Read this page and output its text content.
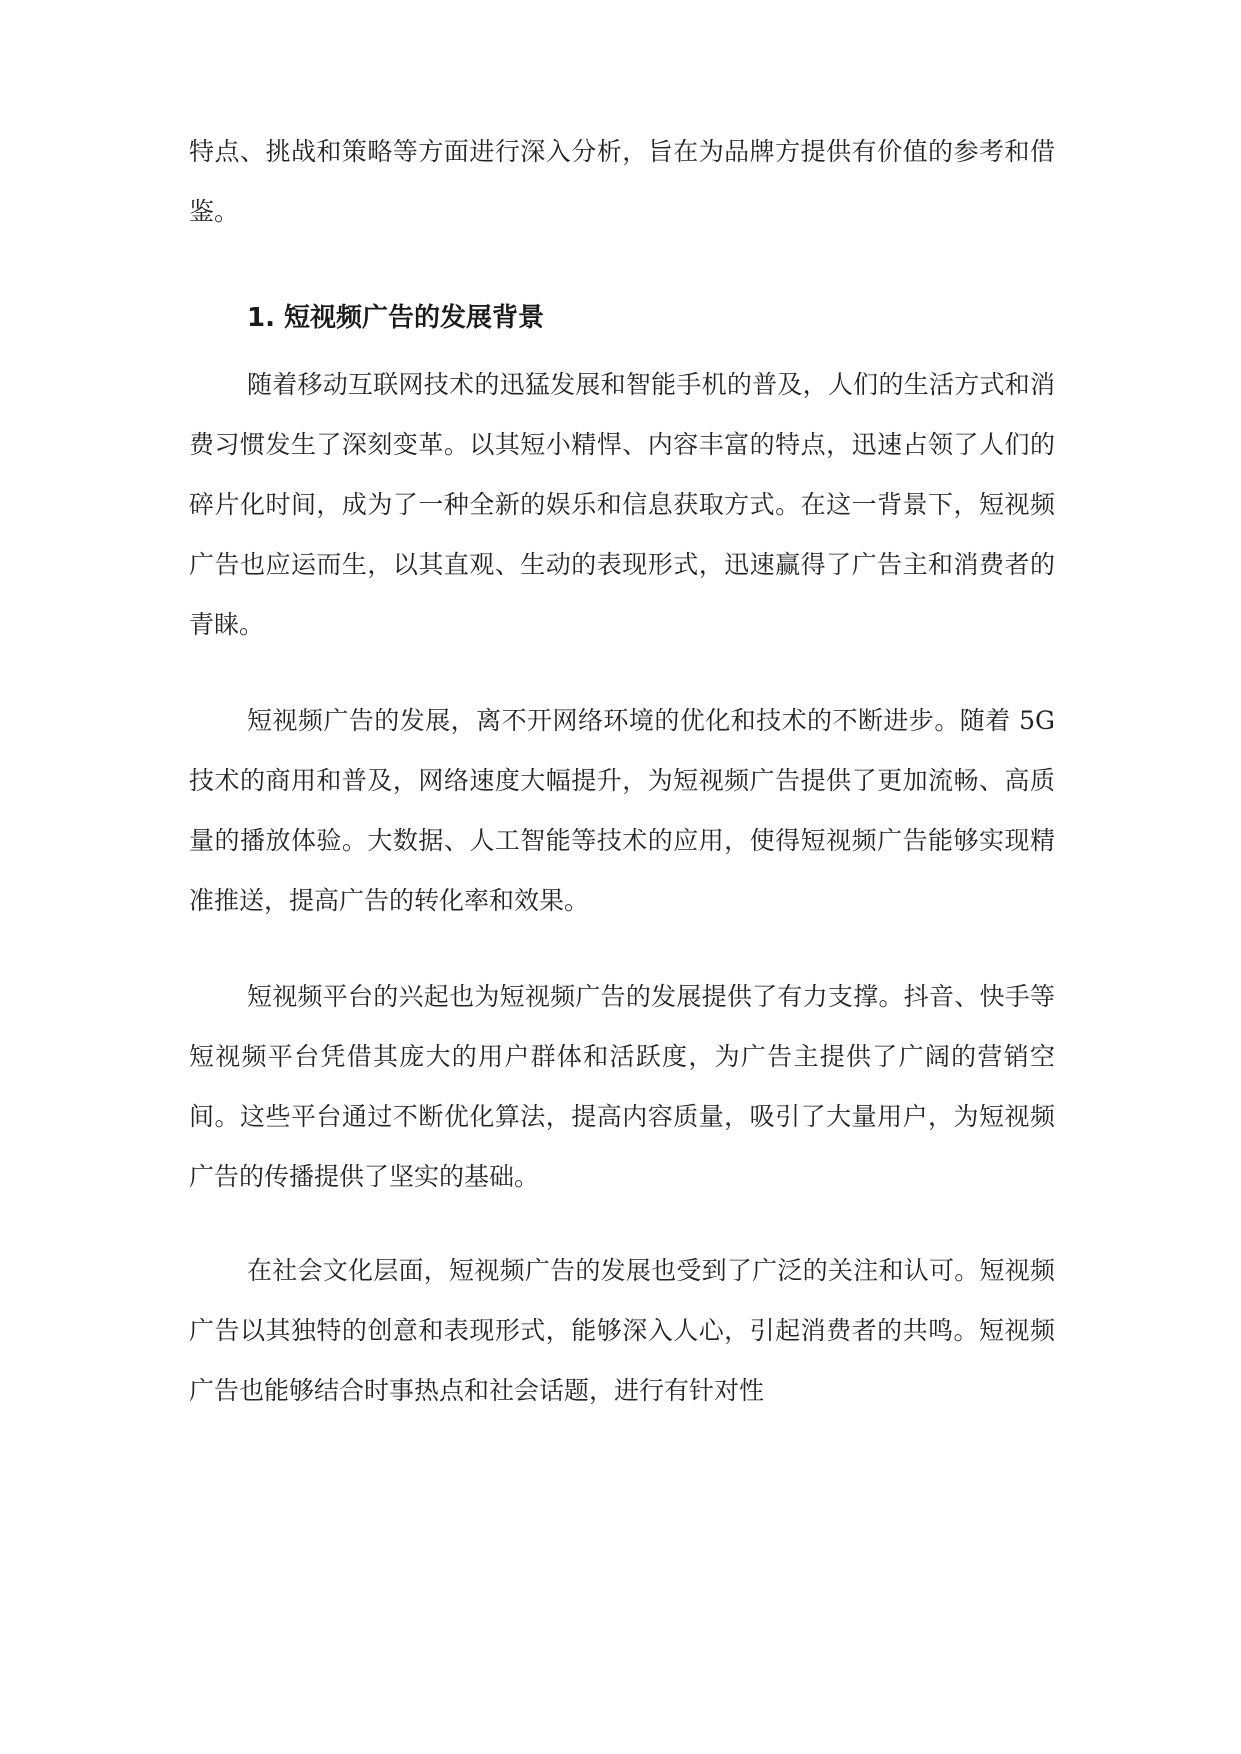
特点、挑战和策略等方面进行深入分析，旨在为品牌方提供有价值的参考和借鉴。

1. 短视频广告的发展背景

随着移动互联网技术的迅猛发展和智能手机的普及，人们的生活方式和消费习惯发生了深刻变革。以其短小精悍、内容丰富的特点，迅速占领了人们的碎片化时间，成为了一种全新的娱乐和信息获取方式。在这一背景下，短视频广告也应运而生，以其直观、生动的表现形式，迅速赢得了广告主和消费者的青睐。

短视频广告的发展，离不开网络环境的优化和技术的不断进步。随着 5G 技术的商用和普及，网络速度大幅提升，为短视频广告提供了更加流畅、高质量的播放体验。大数据、人工智能等技术的应用，使得短视频广告能够实现精准推送，提高广告的转化率和效果。

短视频平台的兴起也为短视频广告的发展提供了有力支撑。抖音、快手等短视频平台凭借其庞大的用户群体和活跃度，为广告主提供了广阔的营销空间。这些平台通过不断优化算法，提高内容质量，吸引了大量用户，为短视频广告的传播提供了坚实的基础。

在社会文化层面，短视频广告的发展也受到了广泛的关注和认可。短视频广告以其独特的创意和表现形式，能够深入人心，引起消费者的共鸣。短视频广告也能够结合时事热点和社会话题，进行有针对性
